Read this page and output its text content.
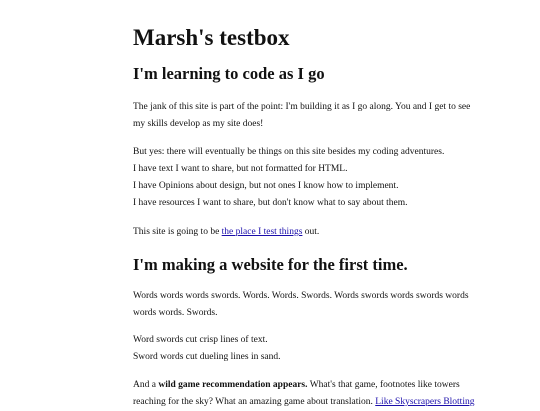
Marsh's testbox
I'm learning to code as I go

The jank of this site is part of the point: I'm building it as I go along. You and I get to see
my skills develop as my site does!

But yes: there will eventually be things on this site besides my coding adventures.
I have text I want to share, but not formatted for HTML.
I have Opinions about design, but not ones I know how to implement.
I have resources I want to share, but don't know what to say about them.

This site is going to be the place I test things out.

I'm making a website for the first time.

Words words words swords. Words. Words. Swords. Words swords words swords words
words words. Swords.

Word swords cut crisp lines of text.
Sword words cut dueling lines in sand.

And a wild game recommendation appears. What's that game, footnotes like towers
reaching for the sky? What an amazing game about translation. Like Skyscrapers Blotting
